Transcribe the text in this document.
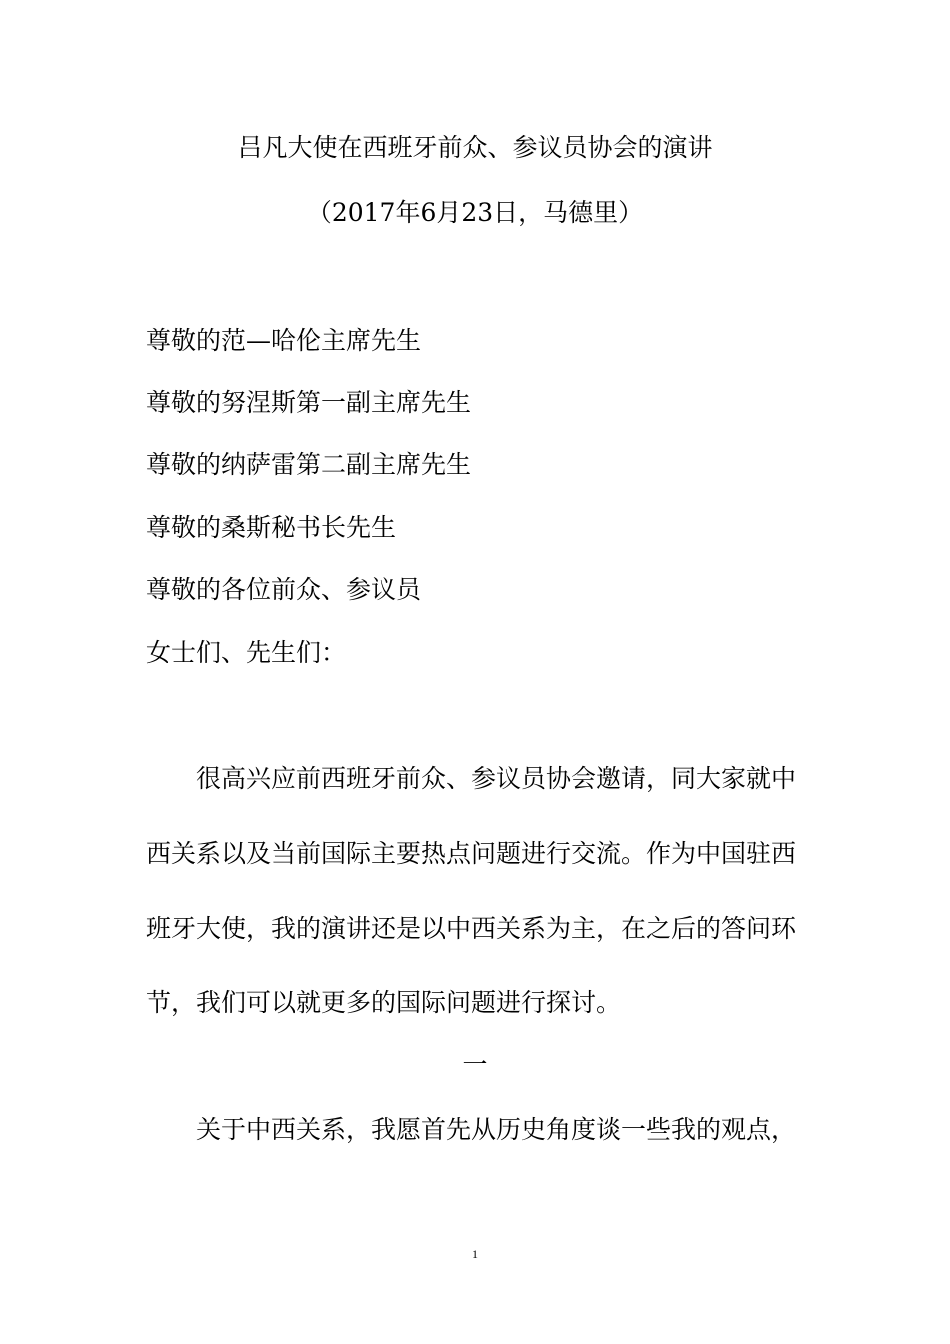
吕凡大使在西班牙前众、参议员协会的演讲
（2017年6月23日，马德里）
尊敬的范—哈伦主席先生
尊敬的努涅斯第一副主席先生
尊敬的纳萨雷第二副主席先生
尊敬的桑斯秘书长先生
尊敬的各位前众、参议员
女士们、先生们：
很高兴应前西班牙前众、参议员协会邀请，同大家就中
西关系以及当前国际主要热点问题进行交流。作为中国驻西
班牙大使，我的演讲还是以中西关系为主，在之后的答问环
节，我们可以就更多的国际问题进行探讨。
一
关于中西关系，我愿首先从历史角度谈一些我的观点，
1
